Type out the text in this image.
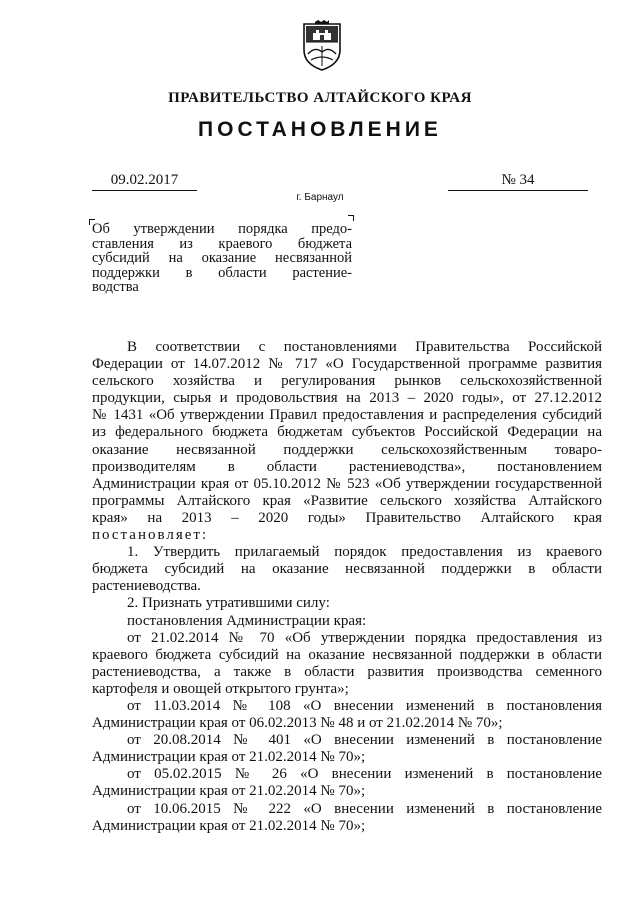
ПРАВИТЕЛЬСТВО АЛТАЙСКОГО КРАЯ
ПОСТАНОВЛЕНИЕ
09.02.2017	№ 34
г. Барнаул
Об утверждении порядка предо-
ставления из краевого бюджета
субсидий на оказание несвязанной
поддержки в области растение-
водства
В соответствии с постановлениями Правительства Российской
Федерации от 14.07.2012 № 717 «О Государственной программе развития
сельского хозяйства и регулирования рынков сельскохозяйственной
продукции, сырья и продовольствия на 2013 – 2020 годы», от 27.12.2012
№ 1431 «Об утверждении Правил предоставления и распределения субсидий
из федерального бюджета бюджетам субъектов Российской Федерации на
оказание несвязанной поддержки сельскохозяйственным товаро-
производителям в области растениеводства», постановлением
Администрации края от 05.10.2012 № 523 «Об утверждении государственной
программы Алтайского края «Развитие сельского хозяйства Алтайского
края» на 2013 – 2020 годы» Правительство Алтайского края
постановляет:
1. Утвердить прилагаемый порядок предоставления из краевого
бюджета субсидий на оказание несвязанной поддержки в области
растениеводства.
2. Признать утратившими силу:
постановления Администрации края:
от 21.02.2014 № 70 «Об утверждении порядка предоставления из
краевого бюджета субсидий на оказание несвязанной поддержки в области
растениеводства, а также в области развития производства семенного
картофеля и овощей открытого грунта»;
от 11.03.2014 № 108 «О внесении изменений в постановления
Администрации края от 06.02.2013 № 48 и от 21.02.2014 № 70»;
от 20.08.2014 № 401 «О внесении изменений в постановление
Администрации края от 21.02.2014 № 70»;
от 05.02.2015 № 26 «О внесении изменений в постановление
Администрации края от 21.02.2014 № 70»;
от 10.06.2015 № 222 «О внесении изменений в постановление
Администрации края от 21.02.2014 № 70»;
